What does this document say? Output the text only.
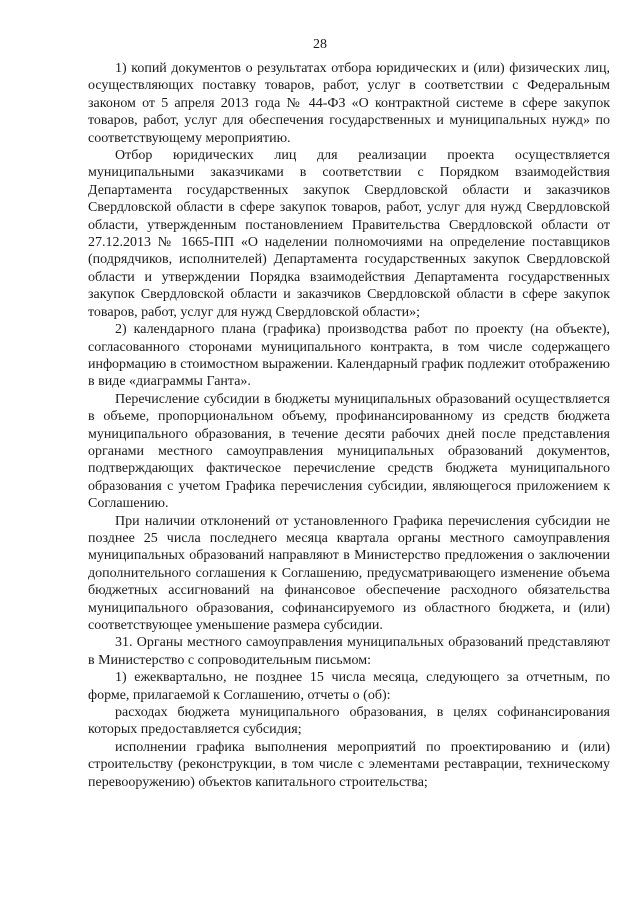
28

1) копий документов о результатах отбора юридических и (или) физических лиц, осуществляющих поставку товаров, работ, услуг в соответствии с Федеральным законом от 5 апреля 2013 года № 44-ФЗ «О контрактной системе в сфере закупок товаров, работ, услуг для обеспечения государственных и муниципальных нужд» по соответствующему мероприятию.

Отбор юридических лиц для реализации проекта осуществляется муниципальными заказчиками в соответствии с Порядком взаимодействия Департамента государственных закупок Свердловской области и заказчиков Свердловской области в сфере закупок товаров, работ, услуг для нужд Свердловской области, утвержденным постановлением Правительства Свердловской области от 27.12.2013 № 1665-ПП «О наделении полномочиями на определение поставщиков (подрядчиков, исполнителей) Департамента государственных закупок Свердловской области и утверждении Порядка взаимодействия Департамента государственных закупок Свердловской области и заказчиков Свердловской области в сфере закупок товаров, работ, услуг для нужд Свердловской области»;

2) календарного плана (графика) производства работ по проекту (на объекте), согласованного сторонами муниципального контракта, в том числе содержащего информацию в стоимостном выражении. Календарный график подлежит отображению в виде «диаграммы Ганта».

Перечисление субсидии в бюджеты муниципальных образований осуществляется в объеме, пропорциональном объему, профинансированному из средств бюджета муниципального образования, в течение десяти рабочих дней после представления органами местного самоуправления муниципальных образований документов, подтверждающих фактическое перечисление средств бюджета муниципального образования с учетом Графика перечисления субсидии, являющегося приложением к Соглашению.

При наличии отклонений от установленного Графика перечисления субсидии не позднее 25 числа последнего месяца квартала органы местного самоуправления муниципальных образований направляют в Министерство предложения о заключении дополнительного соглашения к Соглашению, предусматривающего изменение объема бюджетных ассигнований на финансовое обеспечение расходного обязательства муниципального образования, софинансируемого из областного бюджета, и (или) соответствующее уменьшение размера субсидии.

31. Органы местного самоуправления муниципальных образований представляют в Министерство с сопроводительным письмом:

1) ежеквартально, не позднее 15 числа месяца, следующего за отчетным, по форме, прилагаемой к Соглашению, отчеты о (об):

расходах бюджета муниципального образования, в целях софинансирования которых предоставляется субсидия;

исполнении графика выполнения мероприятий по проектированию и (или) строительству (реконструкции, в том числе с элементами реставрации, техническому перевооружению) объектов капитального строительства;
